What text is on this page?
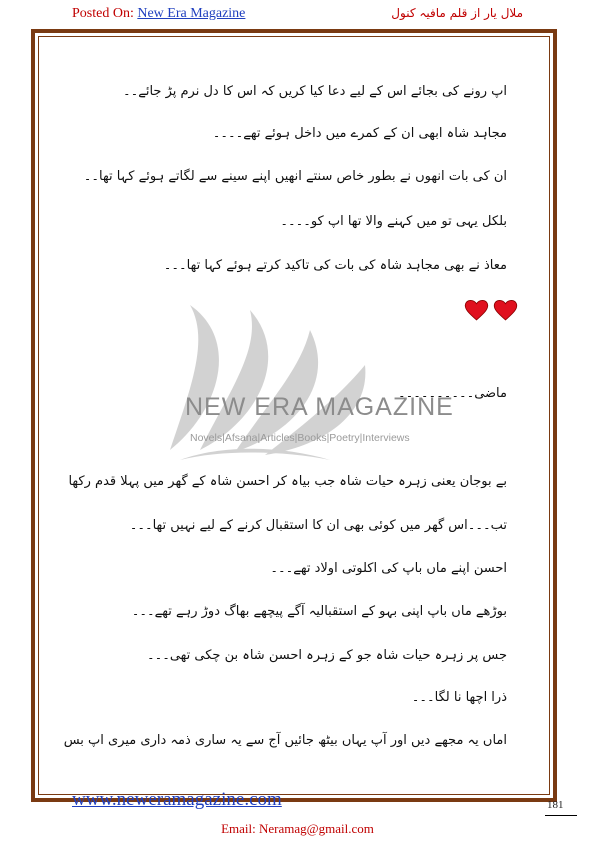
Posted On: New Era Magazine	ملال یار از قلم مافیہ کنول
NEW ERA MAGAZINE
Novels|Afsana|Articles|Books|Poetry|Interviews
اپ رونے کی بجائے اس کے لیے دعا کیا کریں کہ اس کا دل نرم پڑ جائے۔۔
مجاہد شاہ ابھی ان کے کمرے میں داخل ہوئے تھے۔۔۔۔
ان کی بات انھوں نے بطور خاص سنتے انھیں اپنے سینے سے لگاتے ہوئے کہا تھا۔۔
بلکل یہی تو میں کہنے والا تھا اپ کو۔۔۔۔
معاذ نے بھی مجاہد شاہ کی بات کی تاکید کرتے ہوئے کہا تھا۔۔۔
ماضی۔۔۔۔۔۔۔۔۔۔
بے بوجان یعنی زہرہ حیات شاہ جب بیاہ کر احسن شاہ کے گھر میں پہلا قدم رکھا
تب۔۔۔اس گھر میں کوئی بھی ان کا استقبال کرنے کے لیے نہیں تھا۔۔۔
احسن اپنے ماں باپ کی اکلوتی اولاد تھے۔۔۔
بوڑھے ماں باپ اپنی بہو کے استقبالیہ آگے پیچھے بھاگ دوڑ رہے تھے۔۔۔
جس پر زہرہ حیات شاہ جو کے زہرہ احسن شاہ بن چکی تھی۔۔۔
ذرا اچھا نا لگا۔۔۔
اماں یہ مجھے دیں اور آپ یہاں بیٹھ جائیں آج سے یہ ساری ذمہ داری میری اپ بس
www.neweramagazine.com	181
Email: Neramag@gmail.com
